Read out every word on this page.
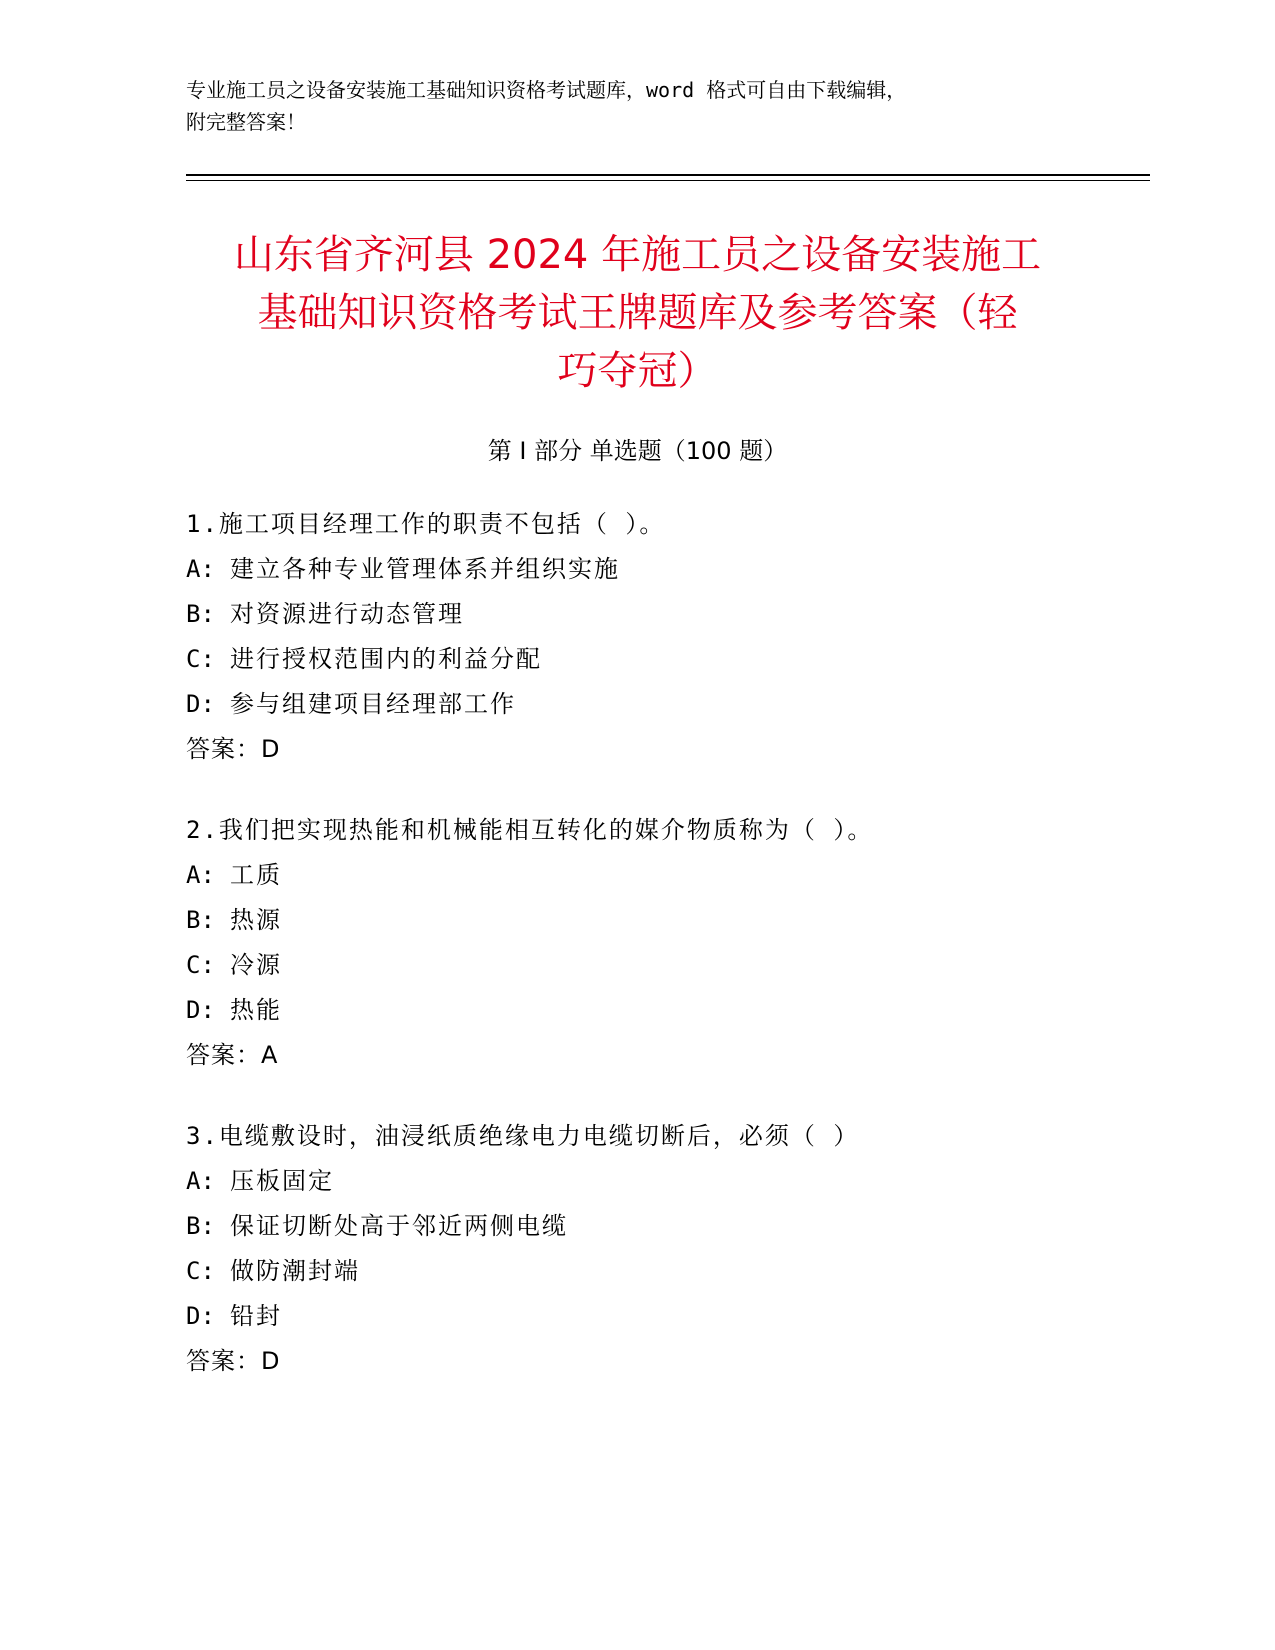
专业施工员之设备安装施工基础知识资格考试题库，word 格式可自由下载编辑，
附完整答案！
山东省齐河县 2024 年施工员之设备安装施工
基础知识资格考试王牌题库及参考答案（轻
巧夺冠）
第 I 部分 单选题（100 题）
1.施工项目经理工作的职责不包括（ ）。
A: 建立各种专业管理体系并组织实施
B: 对资源进行动态管理
C: 进行授权范围内的利益分配
D: 参与组建项目经理部工作
答案：D
2.我们把实现热能和机械能相互转化的媒介物质称为（ ）。
A: 工质
B: 热源
C: 冷源
D: 热能
答案：A
3.电缆敷设时，油浸纸质绝缘电力电缆切断后，必须（ ）
A: 压板固定
B: 保证切断处高于邻近两侧电缆
C: 做防潮封端
D: 铅封
答案：D
